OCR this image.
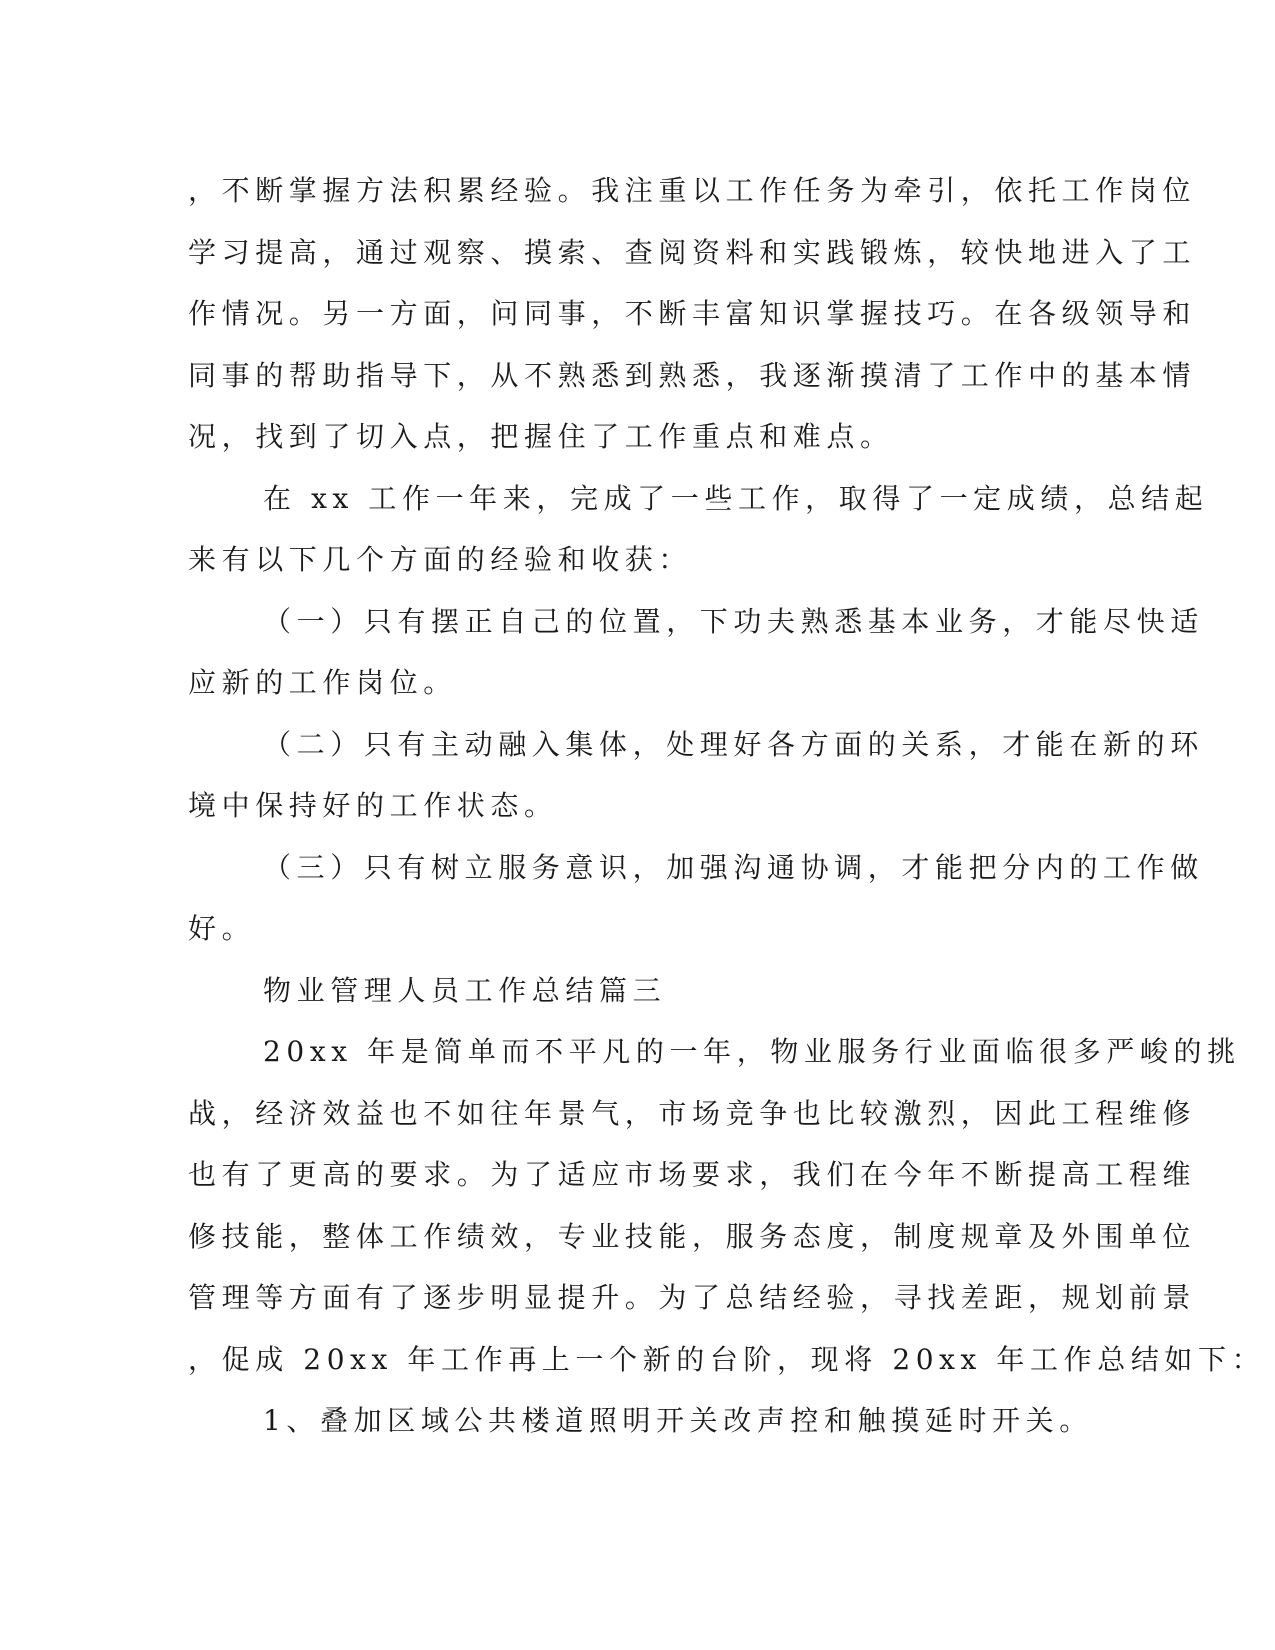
，不断掌握方法积累经验。我注重以工作任务为牵引，依托工作岗位
学习提高，通过观察、摸索、查阅资料和实践锻炼，较快地进入了工
作情况。另一方面，问同事，不断丰富知识掌握技巧。在各级领导和
同事的帮助指导下，从不熟悉到熟悉，我逐渐摸清了工作中的基本情
况，找到了切入点，把握住了工作重点和难点。
在 xx 工作一年来，完成了一些工作，取得了一定成绩，总结起
来有以下几个方面的经验和收获：
（一）只有摆正自己的位置，下功夫熟悉基本业务，才能尽快适
应新的工作岗位。
（二）只有主动融入集体，处理好各方面的关系，才能在新的环
境中保持好的工作状态。
（三）只有树立服务意识，加强沟通协调，才能把分内的工作做
好。
物业管理人员工作总结篇三
20xx 年是简单而不平凡的一年，物业服务行业面临很多严峻的挑
战，经济效益也不如往年景气，市场竞争也比较激烈，因此工程维修
也有了更高的要求。为了适应市场要求，我们在今年不断提高工程维
修技能，整体工作绩效，专业技能，服务态度，制度规章及外围单位
管理等方面有了逐步明显提升。为了总结经验，寻找差距，规划前景
，促成 20xx 年工作再上一个新的台阶，现将 20xx 年工作总结如下：
1、叠加区域公共楼道照明开关改声控和触摸延时开关。
